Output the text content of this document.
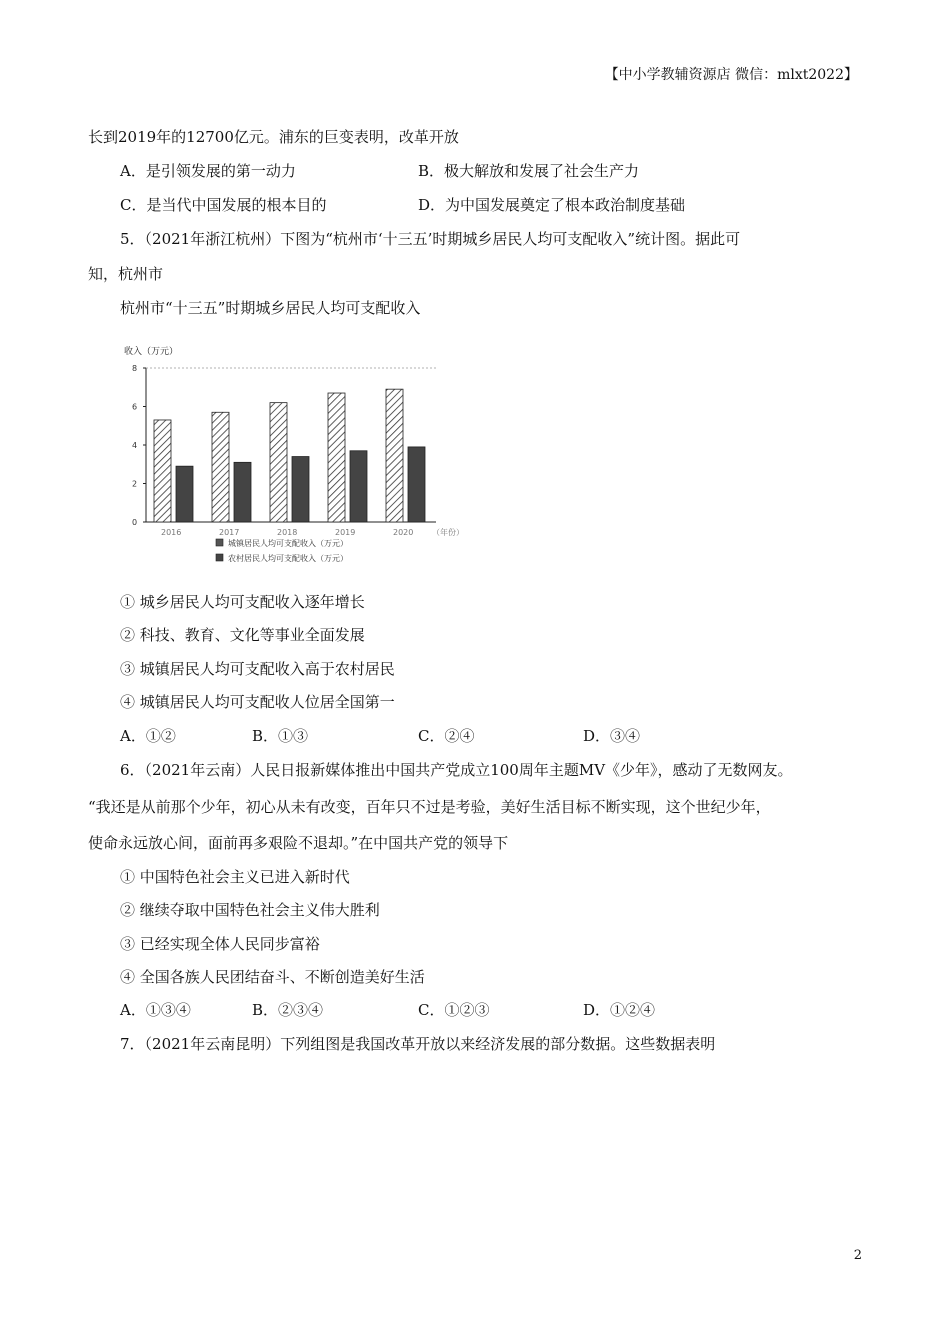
【中小学教辅资源店 微信：mlxt2022】
长到2019年的12700亿元。浦东的巨变表明，改革开放
A．是引领发展的第一动力	B．极大解放和发展了社会生产力
C．是当代中国发展的根本目的	D．为中国发展奠定了根本政治制度基础
5．（2021年浙江杭州）下图为“杭州市‘十三五’时期城乡居民人均可支配收入”统计图。据此可
知，杭州市
杭州市“十三五”时期城乡居民人均可支配收入
收入（万元）
0
2
4
6
8
2016	2017	2018	2019	2020 （年份）
城镇居民人均可支配收入（万元）
农村居民人均可支配收入（万元）
① 城乡居民人均可支配收入逐年增长
② 科技、教育、文化等事业全面发展
③ 城镇居民人均可支配收入高于农村居民
④ 城镇居民人均可支配收人位居全国第一
A．①②	B．①③	C．②④	D．③④
6．（2021年云南）人民日报新媒体推出中国共产党成立100周年主题MV《少年》，感动了无数网友。
“我还是从前那个少年，初心从未有改变，百年只不过是考验，美好生活目标不断实现，这个世纪少年，
使命永远放心间，面前再多艰险不退却。”在中国共产党的领导下
① 中国特色社会主义已进入新时代
② 继续夺取中国特色社会主义伟大胜利
③ 已经实现全体人民同步富裕
④ 全国各族人民团结奋斗、不断创造美好生活
A．①③④	B．②③④	C．①②③	D．①②④
7．（2021年云南昆明）下列组图是我国改革开放以来经济发展的部分数据。这些数据表明
2
